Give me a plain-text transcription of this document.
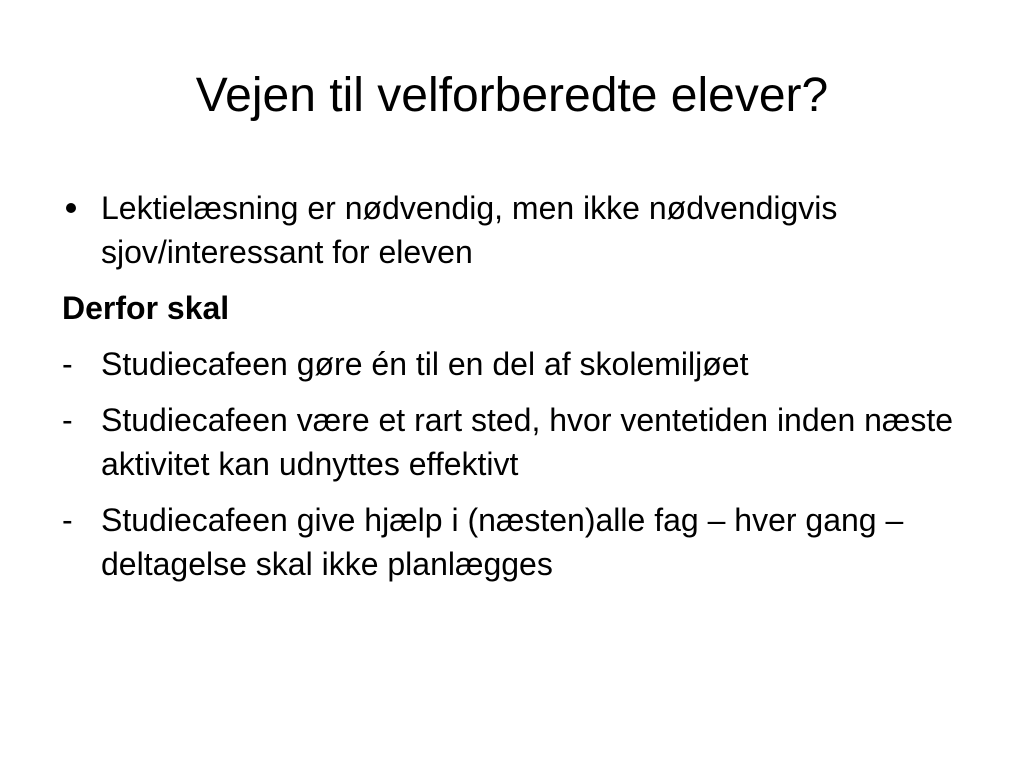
Vejen til velforberedte elever?
Lektielæsning er nødvendig, men ikke nødvendigvis sjov/interessant for eleven
Derfor skal
- Studiecafeen gøre én til en del af skolemiljøet
- Studiecafeen være et rart sted, hvor ventetiden inden næste aktivitet kan udnyttes effektivt
- Studiecafeen give hjælp i (næsten)alle fag – hver gang – deltagelse skal ikke planlægges
